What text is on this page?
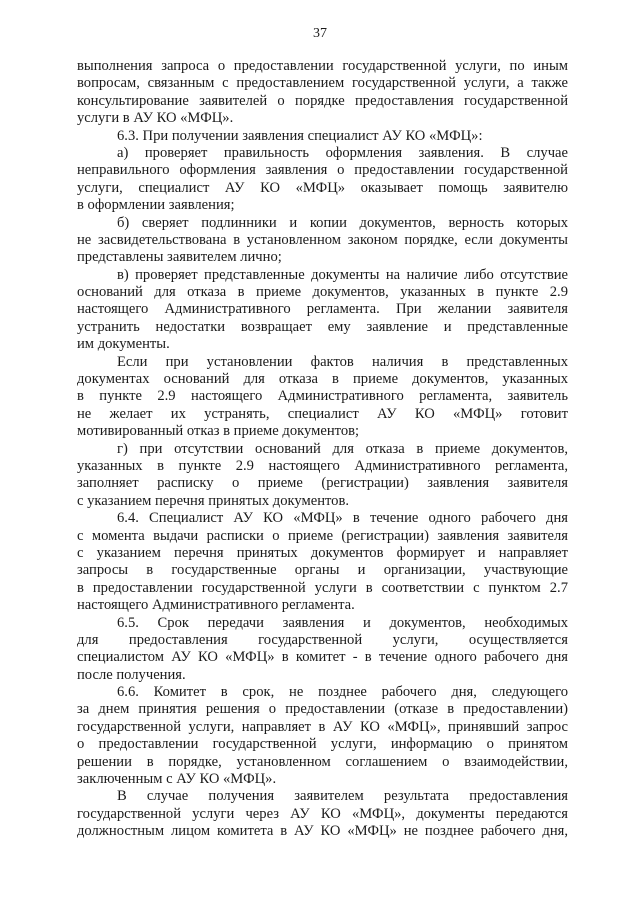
37
выполнения запроса о предоставлении государственной услуги, по иным
вопросам, связанным с предоставлением государственной услуги, а также
консультирование заявителей о порядке предоставления государственной
услуги в АУ КО «МФЦ».
6.3. При получении заявления специалист АУ КО «МФЦ»:
а) проверяет правильность оформления заявления. В случае
неправильного оформления заявления о предоставлении государственной
услуги, специалист АУ КО «МФЦ» оказывает помощь заявителю
в оформлении заявления;
б) сверяет подлинники и копии документов, верность которых
не засвидетельствована в установленном законом порядке, если документы
представлены заявителем лично;
в) проверяет представленные документы на наличие либо отсутствие
оснований для отказа в приеме документов, указанных в пункте 2.9
настоящего Административного регламента. При желании заявителя
устранить недостатки возвращает ему заявление и представленные
им документы.
Если при установлении фактов наличия в представленных
документах оснований для отказа в приеме документов, указанных
в пункте 2.9 настоящего Административного регламента, заявитель
не желает их устранять, специалист АУ КО «МФЦ» готовит
мотивированный отказ в приеме документов;
г) при отсутствии оснований для отказа в приеме документов,
указанных в пункте 2.9 настоящего Административного регламента,
заполняет расписку о приеме (регистрации) заявления заявителя
с указанием перечня принятых документов.
6.4. Специалист АУ КО «МФЦ» в течение одного рабочего дня
с момента выдачи расписки о приеме (регистрации) заявления заявителя
с указанием перечня принятых документов формирует и направляет
запросы в государственные органы и организации, участвующие
в предоставлении государственной услуги в соответствии с пунктом 2.7
настоящего Административного регламента.
6.5. Срок передачи заявления и документов, необходимых
для предоставления государственной услуги, осуществляется
специалистом АУ КО «МФЦ» в комитет - в течение одного рабочего дня
после получения.
6.6. Комитет в срок, не позднее рабочего дня, следующего
за днем принятия решения о предоставлении (отказе в предоставлении)
государственной услуги, направляет в АУ КО «МФЦ», принявший запрос
о предоставлении государственной услуги, информацию о принятом
решении в порядке, установленном соглашением о взаимодействии,
заключенным с АУ КО «МФЦ».
В случае получения заявителем результата предоставления
государственной услуги через АУ КО «МФЦ», документы передаются
должностным лицом комитета в АУ КО «МФЦ» не позднее рабочего дня,
